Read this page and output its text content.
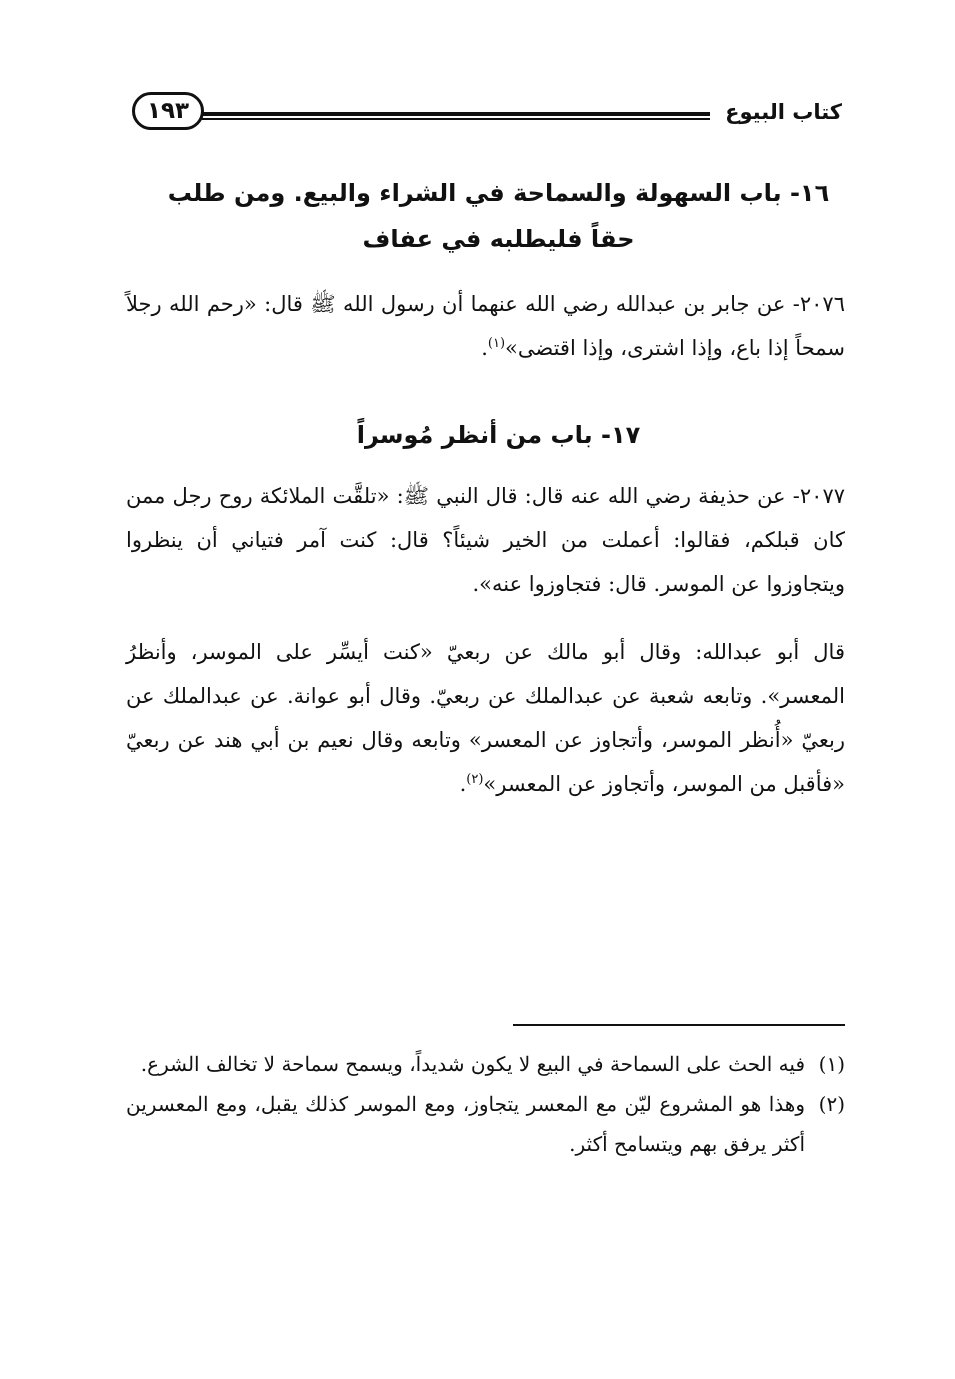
كتاب البيوع
١٩٣
١٦- باب السهولة والسماحة في الشراء والبيع. ومن طلب حقاً فليطلبه في عفاف
٢٠٧٦- عن جابر بن عبدالله رضي الله عنهما أن رسول الله ﷺ قال: «رحم الله رجلاً سمحاً إذا باع، وإذا اشترى، وإذا اقتضى»$^{(١)}$.
١٧- باب من أنظر مُوسراً
٢٠٧٧- عن حذيفة رضي الله عنه قال: قال النبي ﷺ: «تلقَّت الملائكة روح رجل ممن كان قبلكم، فقالوا: أعملت من الخير شيئاً؟ قال: كنت آمر فتياني أن ينظروا ويتجاوزوا عن الموسر. قال: فتجاوزوا عنه».
قال أبو عبدالله: وقال أبو مالك عن ربعيّ «كنت أيسِّر على الموسر، وأنظرُ المعسر». وتابعه شعبة عن عبدالملك عن ربعيّ. وقال أبو عوانة. عن عبدالملك عن ربعيّ «أُنظر الموسر، وأتجاوز عن المعسر» وتابعه وقال نعيم بن أبي هند عن ربعيّ «فأقبل من الموسر، وأتجاوز عن المعسر»$^{(٢)}$.
(١)
فيه الحث على السماحة في البيع لا يكون شديداً، ويسمح سماحة لا تخالف الشرع.
(٢)
وهذا هو المشروع ليّن مع المعسر يتجاوز، ومع الموسر كذلك يقبل، ومع المعسرين أكثر يرفق بهم ويتسامح أكثر.
